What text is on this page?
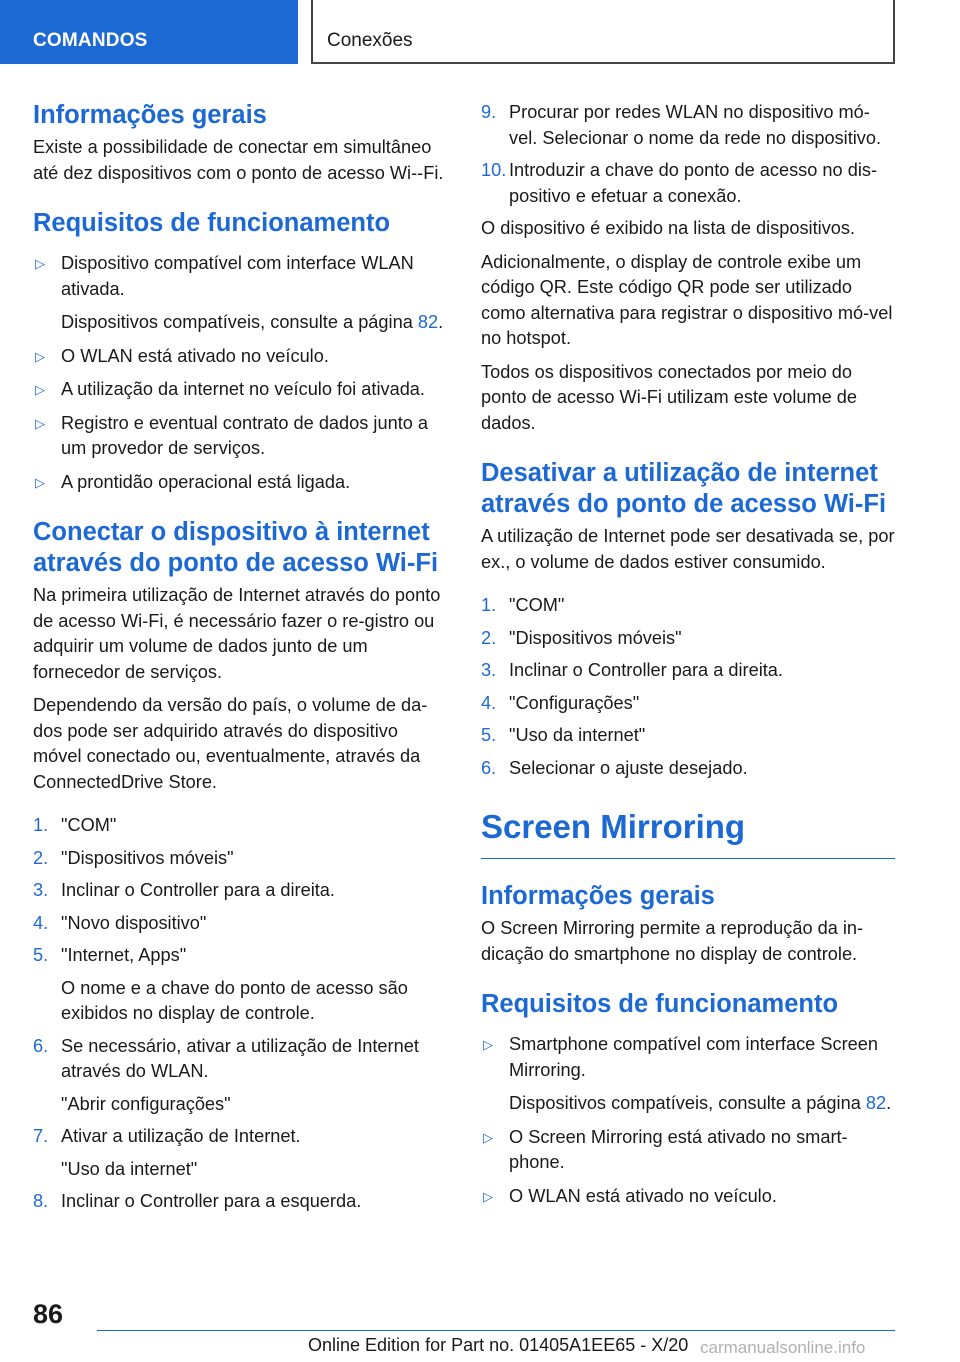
COMANDOS	Conexões
Informações gerais

Existe a possibilidade de conectar em simultâneo até dez dispositivos com o ponto de acesso Wi‐‐Fi.

Requisitos de funcionamento
▷ Dispositivo compatível com interface WLAN ativada.
Dispositivos compatíveis, consulte a página 82.
▷ O WLAN está ativado no veículo.
▷ A utilização da internet no veículo foi ativada.
▷ Registro e eventual contrato de dados junto a um provedor de serviços.
▷ A prontidão operacional está ligada.
Conectar o dispositivo à internet através do ponto de acesso Wi‑Fi

Na primeira utilização de Internet através do ponto de acesso Wi‑Fi, é necessário fazer o re‐gistro ou adquirir um volume de dados junto de um fornecedor de serviços.

Dependendo da versão do país, o volume de da‐dos pode ser adquirido através do dispositivo móvel conectado ou, eventualmente, através da ConnectedDrive Store.

1. "COM"
2. "Dispositivos móveis"
3. Inclinar o Controller para a direita.
4. "Novo dispositivo"
5. "Internet, Apps"
O nome e a chave do ponto de acesso são exibidos no display de controle.
6. Se necessário, ativar a utilização de Internet através do WLAN.
"Abrir configurações"
7. Ativar a utilização de Internet.
"Uso da internet"
8. Inclinar o Controller para a esquerda.
9. Procurar por redes WLAN no dispositivo mó‐vel. Selecionar o nome da rede no dispositivo.
10. Introduzir a chave do ponto de acesso no dis‐positivo e efetuar a conexão.

O dispositivo é exibido na lista de dispositivos.

Adicionalmente, o display de controle exibe um código QR. Este código QR pode ser utilizado como alternativa para registrar o dispositivo mó‐vel no hotspot.

Todos os dispositivos conectados por meio do ponto de acesso Wi‑Fi utilizam este volume de dados.

Desativar a utilização de internet através do ponto de acesso Wi‑Fi

A utilização de Internet pode ser desativada se, por ex., o volume de dados estiver consumido.

1. "COM"
2. "Dispositivos móveis"
3. Inclinar o Controller para a direita.
4. "Configurações"
5. "Uso da internet"
6. Selecionar o ajuste desejado.
Screen Mirroring
Informações gerais

O Screen Mirroring permite a reprodução da in‐dicação do smartphone no display de controle.

Requisitos de funcionamento
▷ Smartphone compatível com interface Screen Mirroring.
Dispositivos compatíveis, consulte a página 82.
▷ O Screen Mirroring está ativado no smart‐phone.
▷ O WLAN está ativado no veículo.
86
Online Edition for Part no. 01405A1EE65 - X/20 carmanualsonline.info
